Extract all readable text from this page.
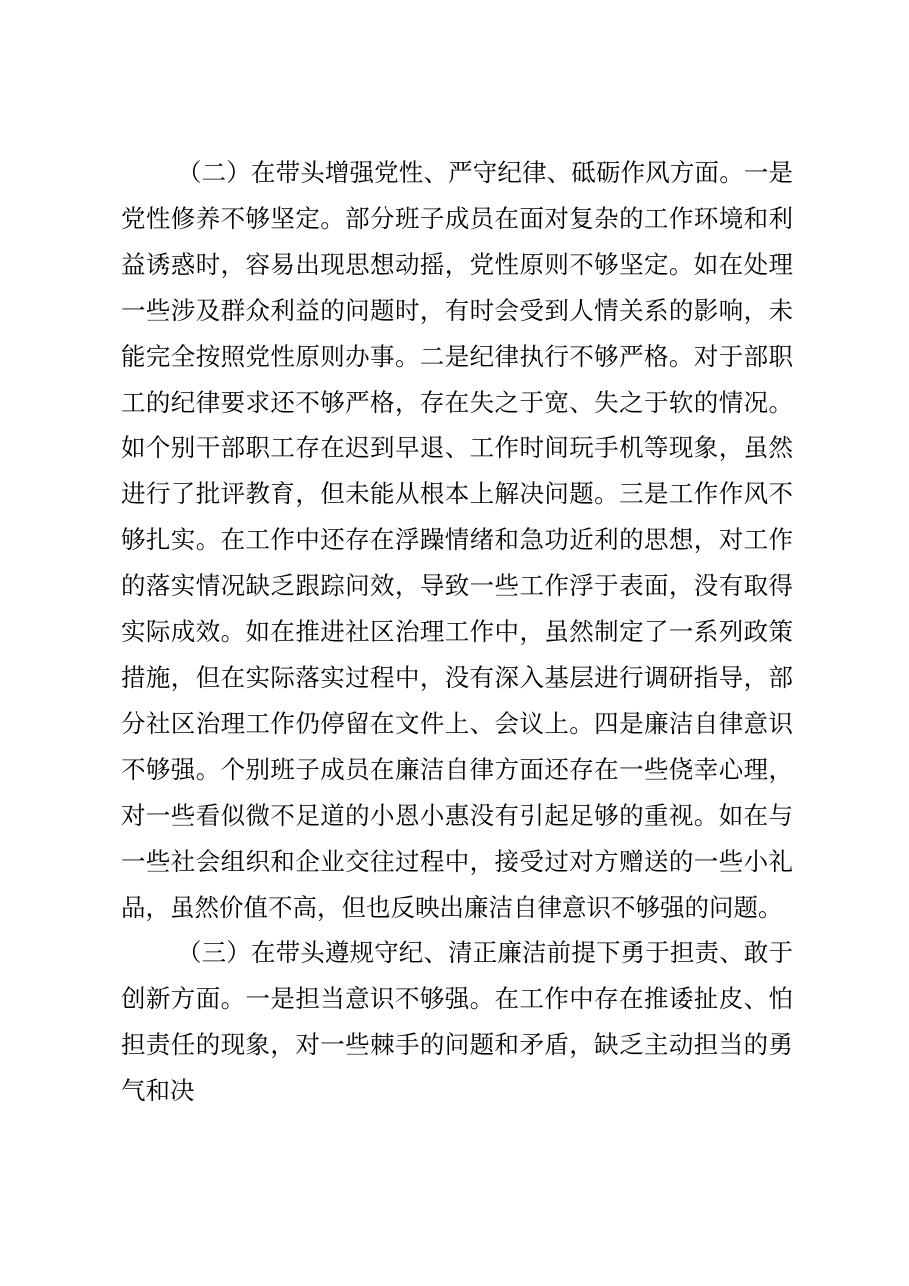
（二）在带头增强党性、严守纪律、砥砺作风方面。一是党性修养不够坚定。部分班子成员在面对复杂的工作环境和利益诱惑时，容易出现思想动摇，党性原则不够坚定。如在处理一些涉及群众利益的问题时，有时会受到人情关系的影响，未能完全按照党性原则办事。二是纪律执行不够严格。对于部职工的纪律要求还不够严格，存在失之于宽、失之于软的情况。如个别干部职工存在迟到早退、工作时间玩手机等现象，虽然进行了批评教育，但未能从根本上解决问题。三是工作作风不够扎实。在工作中还存在浮躁情绪和急功近利的思想，对工作的落实情况缺乏跟踪问效，导致一些工作浮于表面，没有取得实际成效。如在推进社区治理工作中，虽然制定了一系列政策措施，但在实际落实过程中，没有深入基层进行调研指导，部分社区治理工作仍停留在文件上、会议上。四是廉洁自律意识不够强。个别班子成员在廉洁自律方面还存在一些侥幸心理，对一些看似微不足道的小恩小惠没有引起足够的重视。如在与一些社会组织和企业交往过程中，接受过对方赠送的一些小礼品，虽然价值不高，但也反映出廉洁自律意识不够强的问题。

（三）在带头遵规守纪、清正廉洁前提下勇于担责、敢于创新方面。一是担当意识不够强。在工作中存在推诿扯皮、怕担责任的现象，对一些棘手的问题和矛盾，缺乏主动担当的勇气和决
